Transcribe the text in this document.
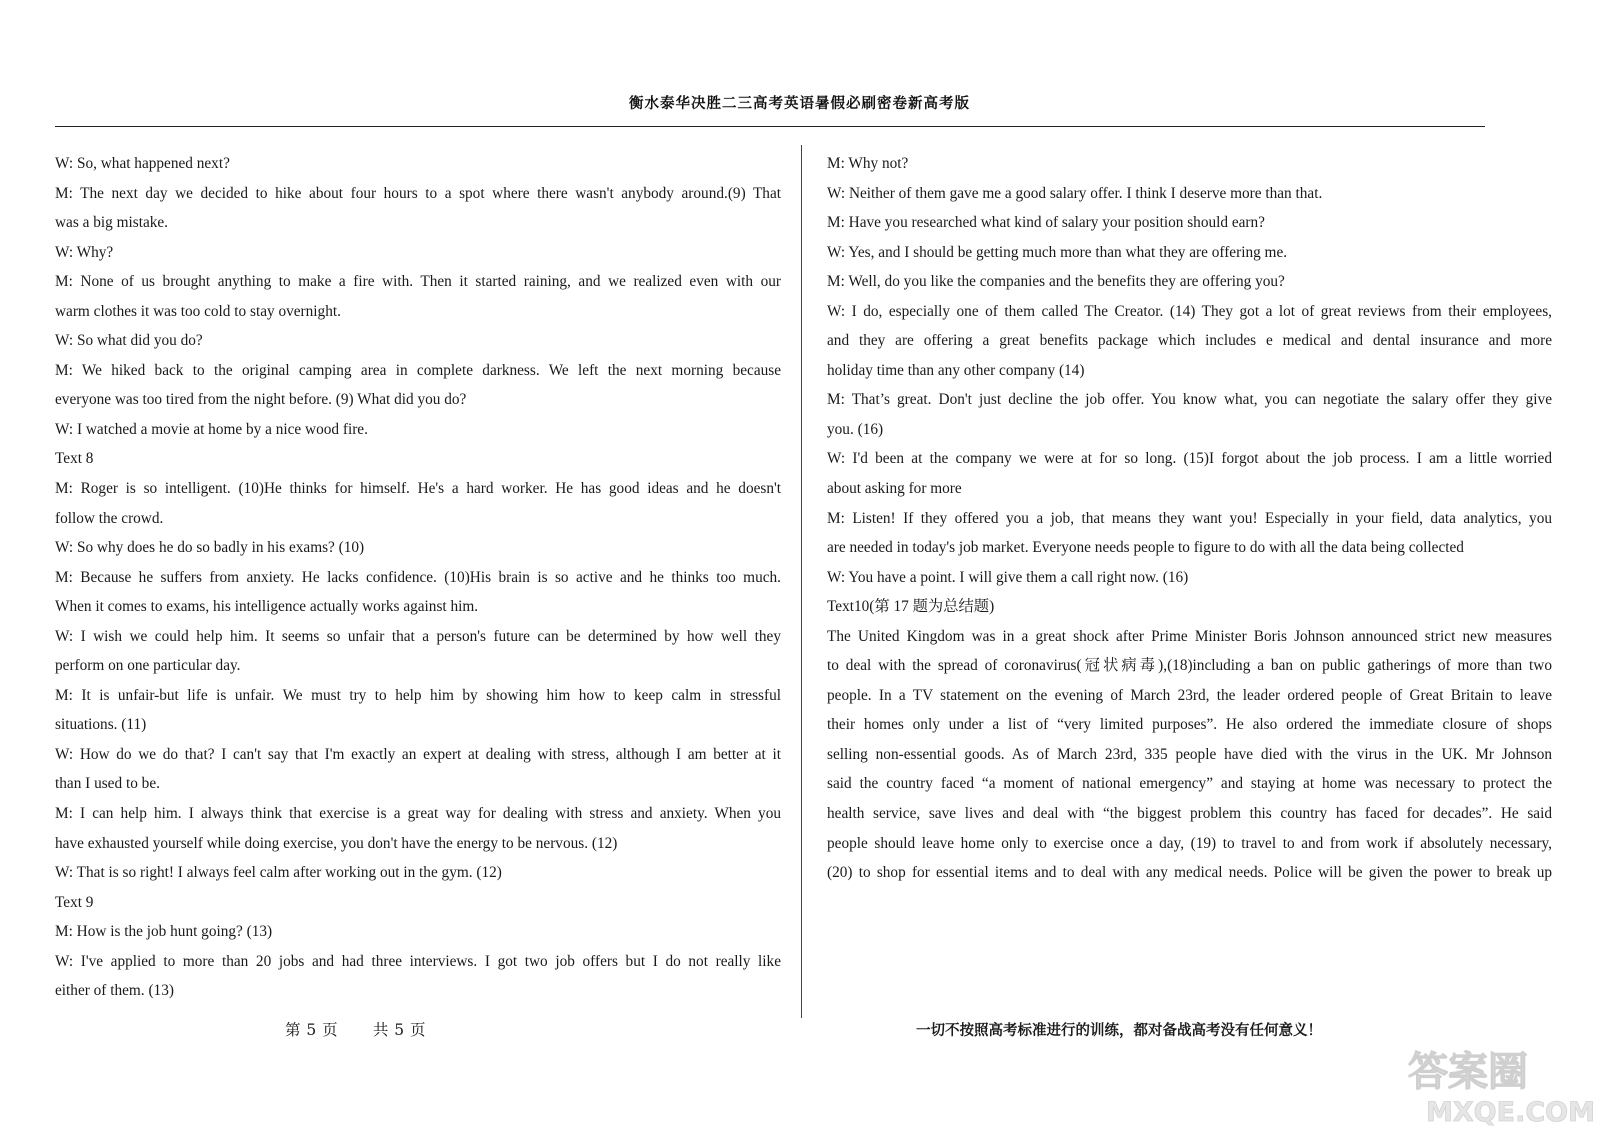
衡水泰华决胜二三高考英语暑假必刷密卷新高考版
W: So, what happened next?
M: The next day we decided to hike about four hours to a spot where there wasn't anybody around.(9) That
was a big mistake.
W: Why?
M: None of us brought anything to make a fire with. Then it started raining, and we realized even with our
warm clothes it was too cold to stay overnight.
W: So what did you do?
M: We hiked back to the original camping area in complete darkness. We left the next morning because
everyone was too tired from the night before. (9) What did you do?
W: I watched a movie at home by a nice wood fire.
Text 8
M: Roger is so intelligent. (10)He thinks for himself. He's a hard worker. He has good ideas and he doesn't
follow the crowd.
W: So why does he do so badly in his exams? (10)
M: Because he suffers from anxiety. He lacks confidence. (10)His brain is so active and he thinks too much.
When it comes to exams, his intelligence actually works against him.
W: I wish we could help him. It seems so unfair that a person's future can be determined by how well they
perform on one particular day.
M: It is unfair-but life is unfair. We must try to help him by showing him how to keep calm in stressful
situations. (11)
W: How do we do that? I can't say that I'm exactly an expert at dealing with stress, although I am better at it
than I used to be.
M: I can help him. I always think that exercise is a great way for dealing with stress and anxiety. When you
have exhausted yourself while doing exercise, you don't have the energy to be nervous. (12)
W: That is so right! I always feel calm after working out in the gym. (12)
Text 9
M: How is the job hunt going? (13)
W: I've applied to more than 20 jobs and had three interviews. I got two job offers but I do not really like
either of them. (13)
M: Why not?
W: Neither of them gave me a good salary offer. I think I deserve more than that.
M: Have you researched what kind of salary your position should earn?
W: Yes, and I should be getting much more than what they are offering me.
M: Well, do you like the companies and the benefits they are offering you?
W: I do, especially one of them called The Creator. (14) They got a lot of great reviews from their employees,
and they are offering a great benefits package which includes e medical and dental insurance and more
holiday time than any other company (14)
M: That’s great. Don't just decline the job offer. You know what, you can negotiate the salary offer they give
you. (16)
W: I'd been at the company we were at for so long. (15)I forgot about the job process. I am a little worried
about asking for more
M: Listen! If they offered you a job, that means they want you! Especially in your field, data analytics, you
are needed in today's job market. Everyone needs people to figure to do with all the data being collected
W: You have a point. I will give them a call right now. (16)
Text10(第 17 题为总结题)
The United Kingdom was in a great shock after Prime Minister Boris Johnson announced strict new measures
to deal with the spread of coronavirus(冠状病毒),(18)including a ban on public gatherings of more than two
people. In a TV statement on the evening of March 23rd, the leader ordered people of Great Britain to leave
their homes only under a list of “very limited purposes”. He also ordered the immediate closure of shops
selling non-essential goods. As of March 23rd, 335 people have died with the virus in the UK. Mr Johnson
said the country faced “a moment of national emergency” and staying at home was necessary to protect the
health service, save lives and deal with “the biggest problem this country has faced for decades”. He said
people should leave home only to exercise once a day, (19) to travel to and from work if absolutely necessary,
(20) to shop for essential items and to deal with any medical needs. Police will be given the power to break up
第 5 页 共 5 页	一切不按照高考标准进行的训练，都对备战高考没有任何意义！
答案圈
MXQE.COM
